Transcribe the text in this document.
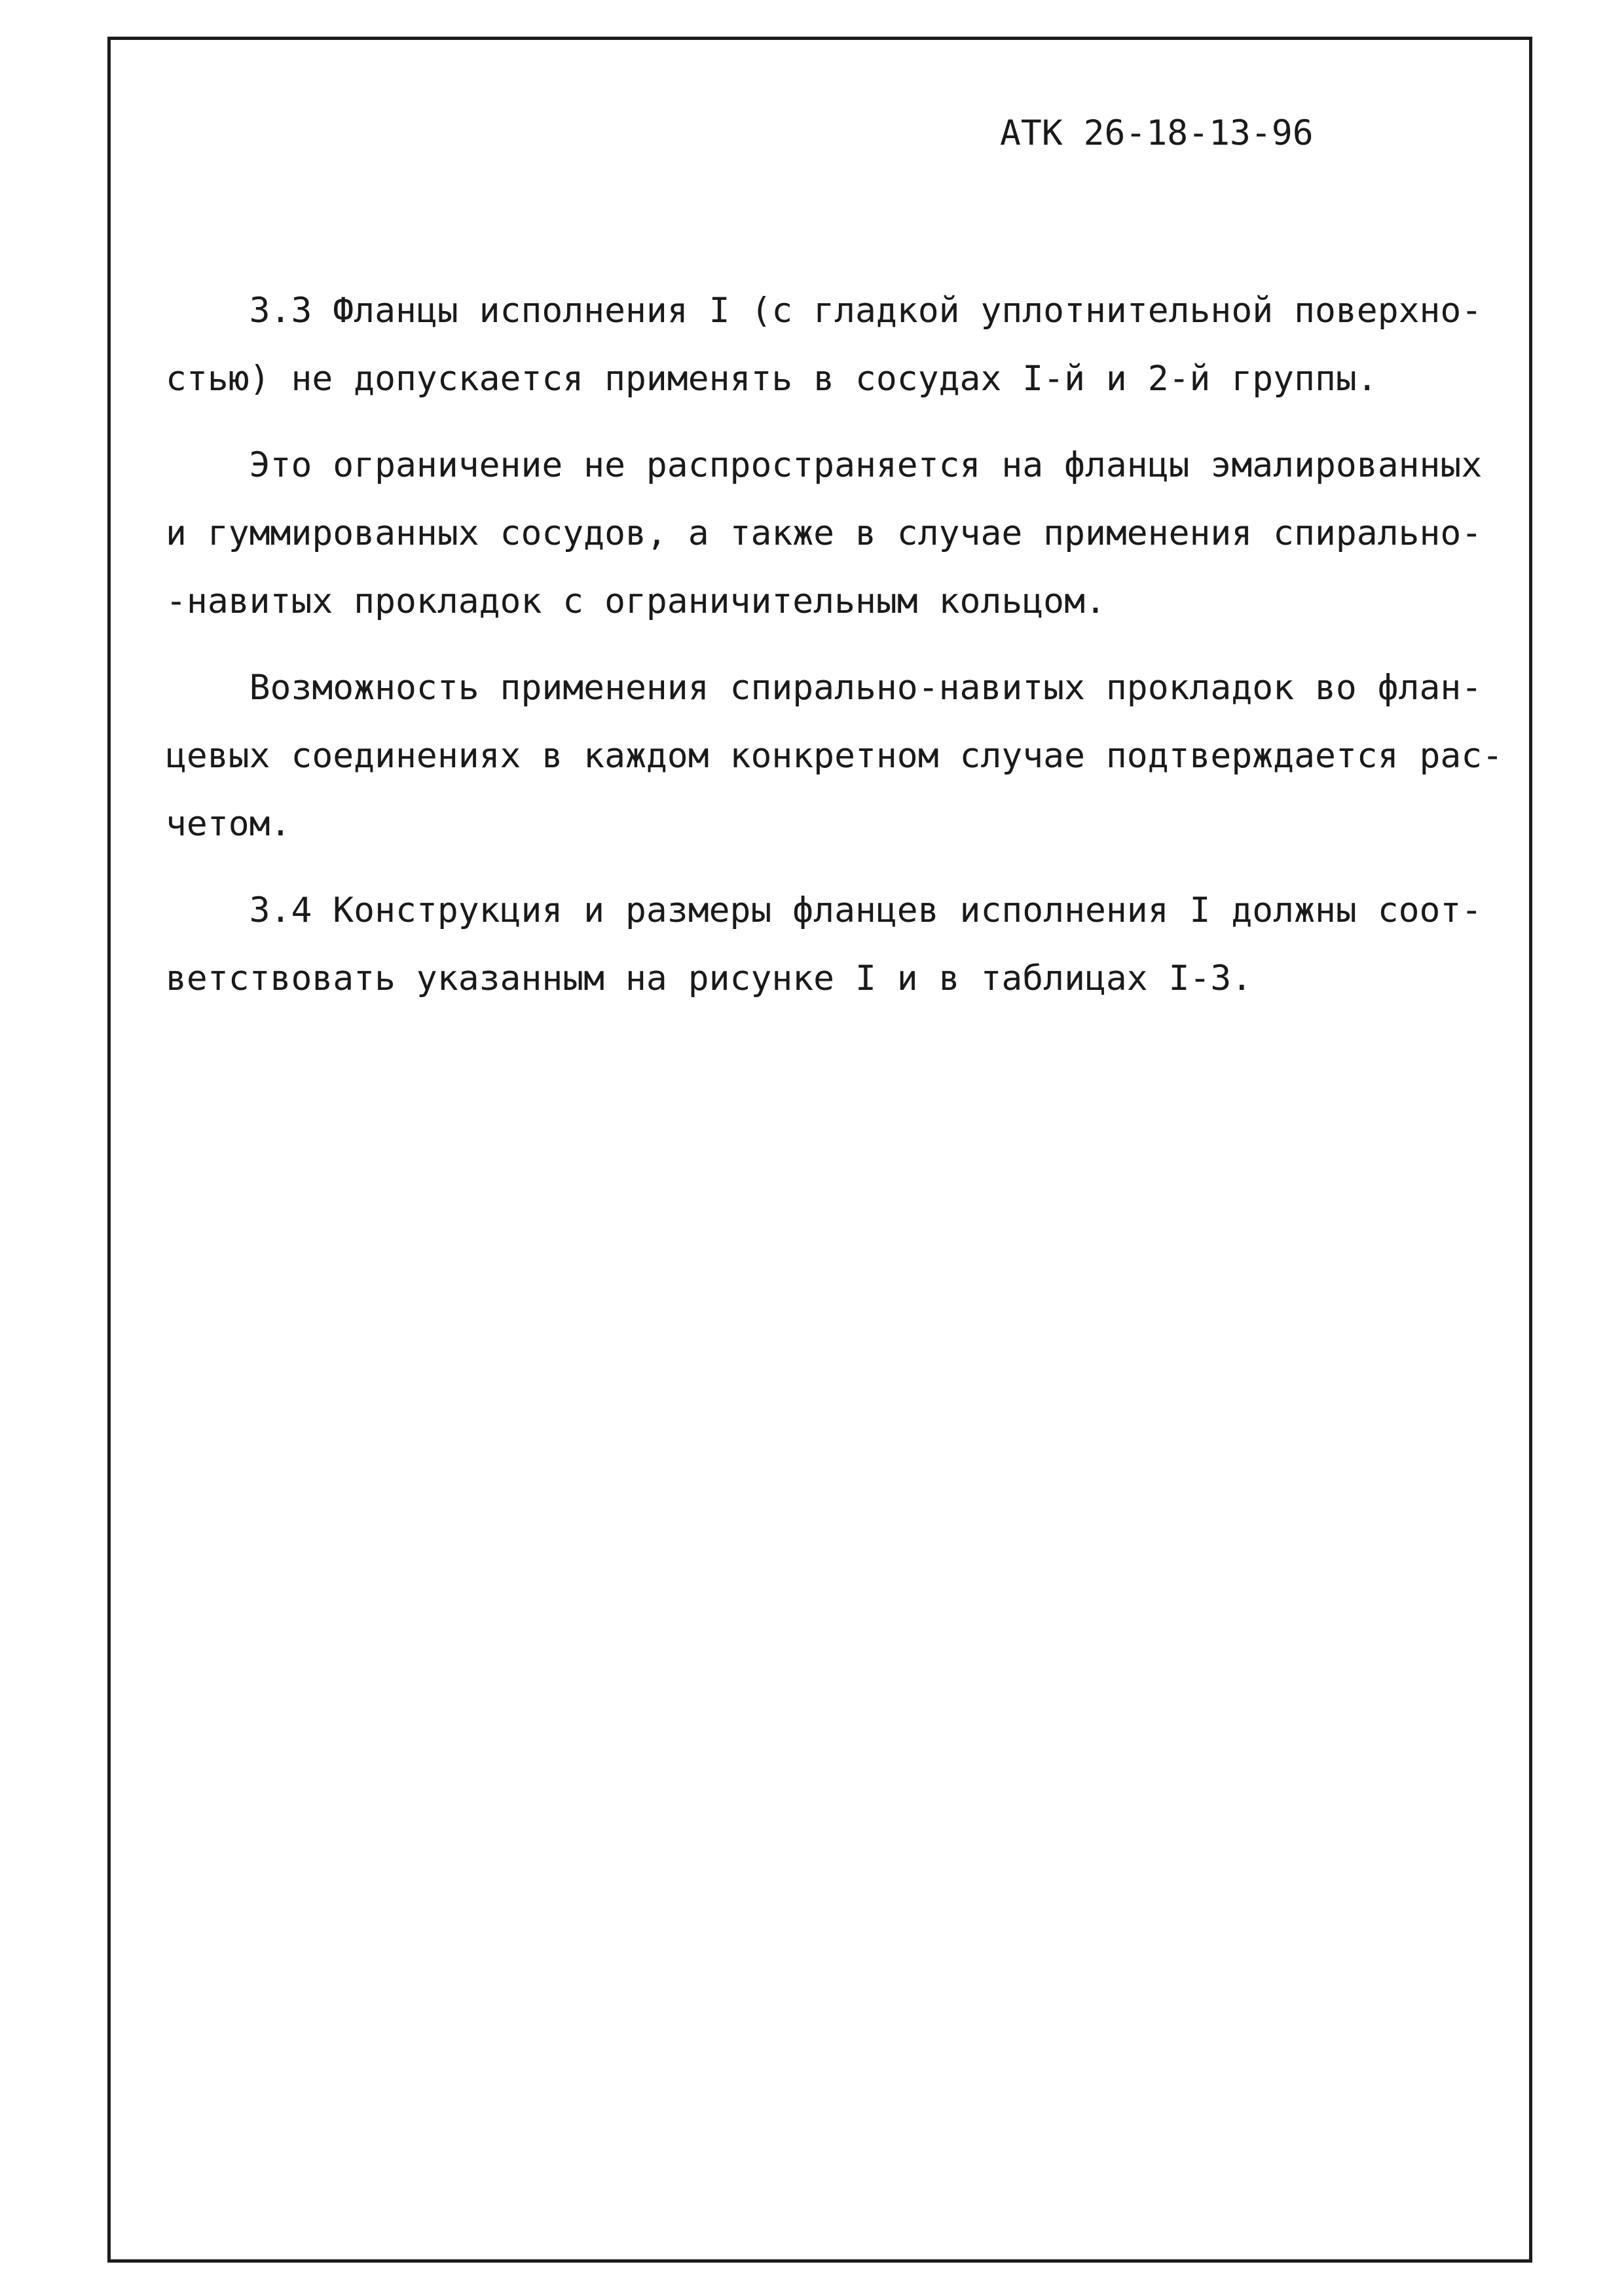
АТК 26-18-13-96

3.3 Фланцы исполнения I (с гладкой уплотнительной поверхно-
стью) не допускается применять в сосудах I-й и 2-й группы.

Это ограничение не распространяется на фланцы эмалированных
и гуммированных сосудов, а также в случае применения спирально-
-навитых прокладок с ограничительным кольцом.

Возможность применения спирально-навитых прокладок во флан-
цевых соединениях в каждом конкретном случае подтверждается рас-
четом.

3.4 Конструкция и размеры фланцев исполнения I должны соот-
ветствовать указанным на рисунке I и в таблицах I-3.
